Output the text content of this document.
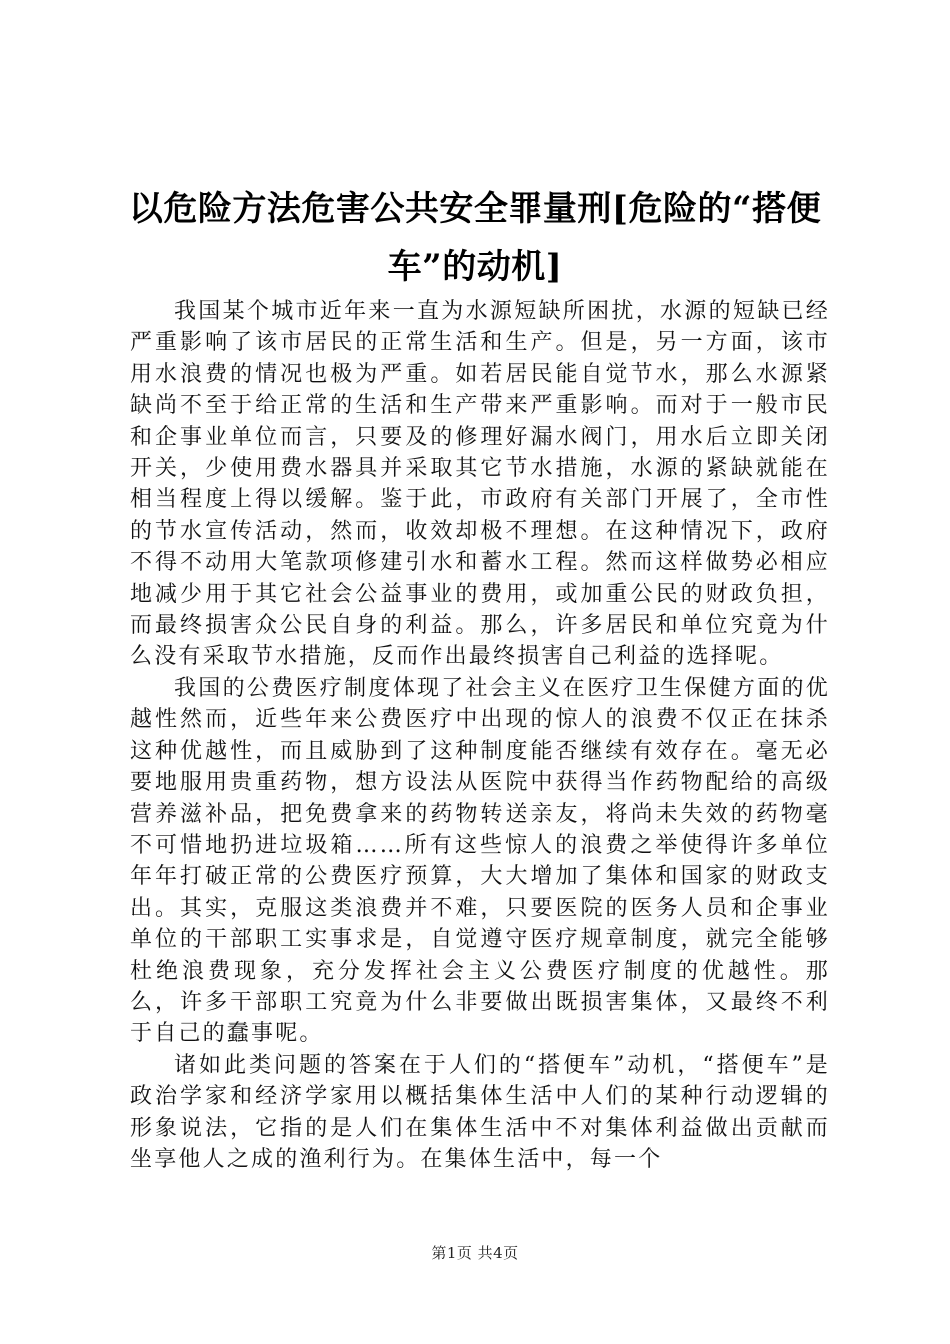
以危险方法危害公共安全罪量刑[危险的“搭便车”的动机]

我国某个城市近年来一直为水源短缺所困扰，水源的短缺已经严重影响了该市居民的正常生活和生产。但是，另一方面，该市用水浪费的情况也极为严重。如若居民能自觉节水，那么水源紧缺尚不至于给正常的生活和生产带来严重影响。而对于一般市民和企事业单位而言，只要及的修理好漏水阀门，用水后立即关闭开关，少使用费水器具并采取其它节水措施，水源的紧缺就能在相当程度上得以缓解。鉴于此，市政府有关部门开展了，全市性的节水宣传活动，然而，收效却极不理想。在这种情况下，政府不得不动用大笔款项修建引水和蓄水工程。然而这样做势必相应地减少用于其它社会公益事业的费用，或加重公民的财政负担，而最终损害众公民自身的利益。那么，许多居民和单位究竟为什么没有采取节水措施，反而作出最终损害自己利益的选择呢。

我国的公费医疗制度体现了社会主义在医疗卫生保健方面的优越性然而，近些年来公费医疗中出现的惊人的浪费不仅正在抹杀这种优越性，而且威胁到了这种制度能否继续有效存在。毫无必要地服用贵重药物，想方设法从医院中获得当作药物配给的高级营养滋补品，把免费拿来的药物转送亲友，将尚未失效的药物毫不可惜地扔进垃圾箱……所有这些惊人的浪费之举使得许多单位年年打破正常的公费医疗预算，大大增加了集体和国家的财政支出。其实，克服这类浪费并不难，只要医院的医务人员和企事业单位的干部职工实事求是，自觉遵守医疗规章制度，就完全能够杜绝浪费现象，充分发挥社会主义公费医疗制度的优越性。那么，许多干部职工究竟为什么非要做出既损害集体，又最终不利于自己的蠢事呢。

诸如此类问题的答案在于人们的“搭便车”动机，“搭便车”是政治学家和经济学家用以概括集体生活中人们的某种行动逻辑的形象说法，它指的是人们在集体生活中不对集体利益做出贡献而坐享他人之成的渔利行为。在集体生活中，每一个

第1页 共4页
